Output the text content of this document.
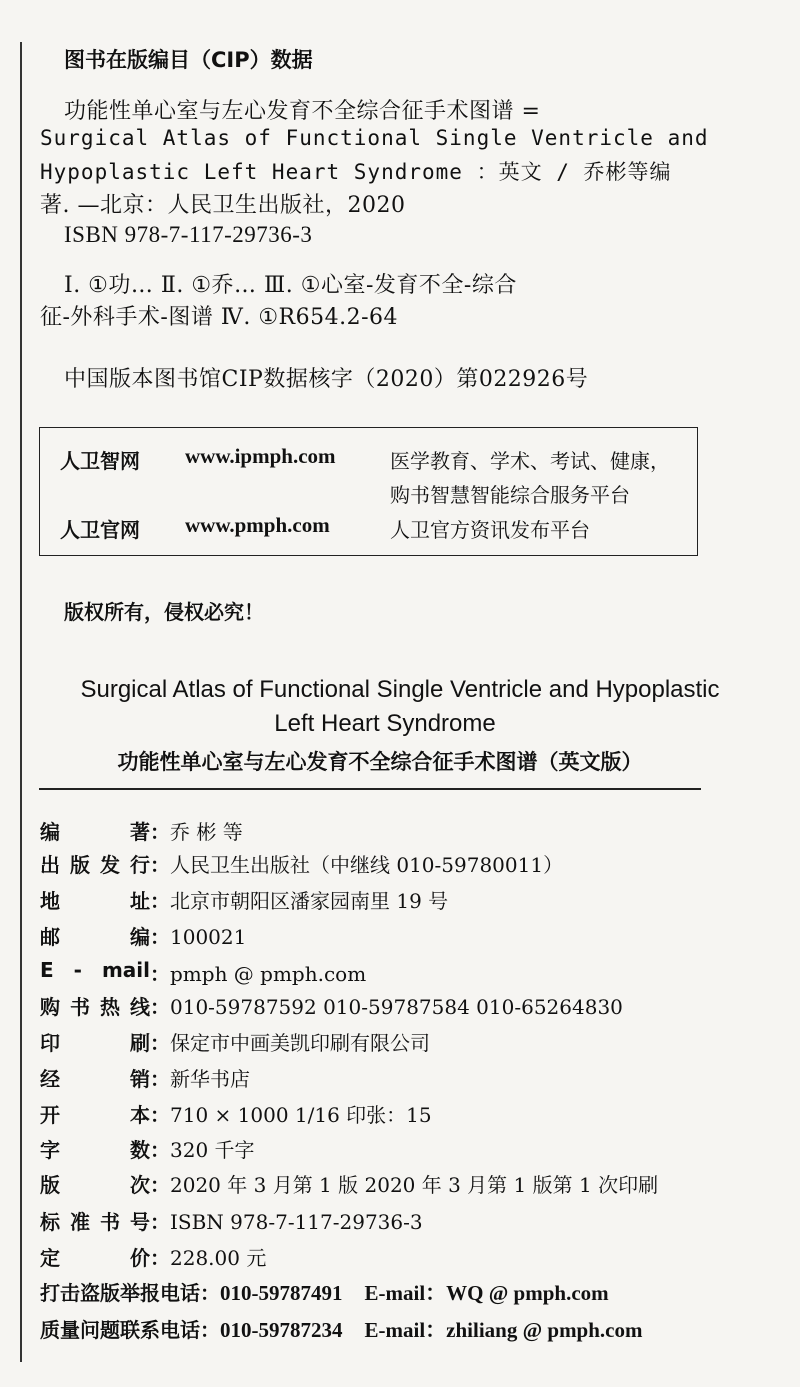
图书在版编目（CIP）数据
功能性单心室与左心发育不全综合征手术图谱 =
Surgical Atlas of Functional Single Ventricle and
Hypoplastic Left Heart Syndrome ：英文 / 乔彬等编
著. —北京：人民卫生出版社，2020
ISBN 978-7-117-29736-3
Ⅰ. ①功… Ⅱ. ①乔… Ⅲ. ①心室-发育不全-综合
征-外科手术-图谱 Ⅳ. ①R654.2-64
中国版本图书馆CIP数据核字（2020）第022926号
人卫智网 www.ipmph.com	医学教育、学术、考试、健康，
购书智慧智能综合服务平台
人卫官网 www.pmph.com	人卫官方资讯发布平台
版权所有，侵权必究！
Surgical Atlas of Functional Single Ventricle and Hypoplastic
Left Heart Syndrome
功能性单心室与左心发育不全综合征手术图谱（英文版）
编著：乔 彬 等
出版发行：人民卫生出版社（中继线 010-59780011）
地址：北京市朝阳区潘家园南里 19 号
邮编：100021
E - mail：pmph @ pmph.com
购书热线：010-59787592 010-59787584 010-65264830
印刷：保定市中画美凯印刷有限公司
经销：新华书店
开本：710 × 1000 1/16 印张：15
字数：320 千字
版次：2020 年 3 月第 1 版 2020 年 3 月第 1 版第 1 次印刷
标准书号：ISBN 978-7-117-29736-3
定价：228.00 元
打击盗版举报电话：010-59787491 E-mail：WQ @ pmph.com
质量问题联系电话：010-59787234 E-mail：zhiliang @ pmph.com
